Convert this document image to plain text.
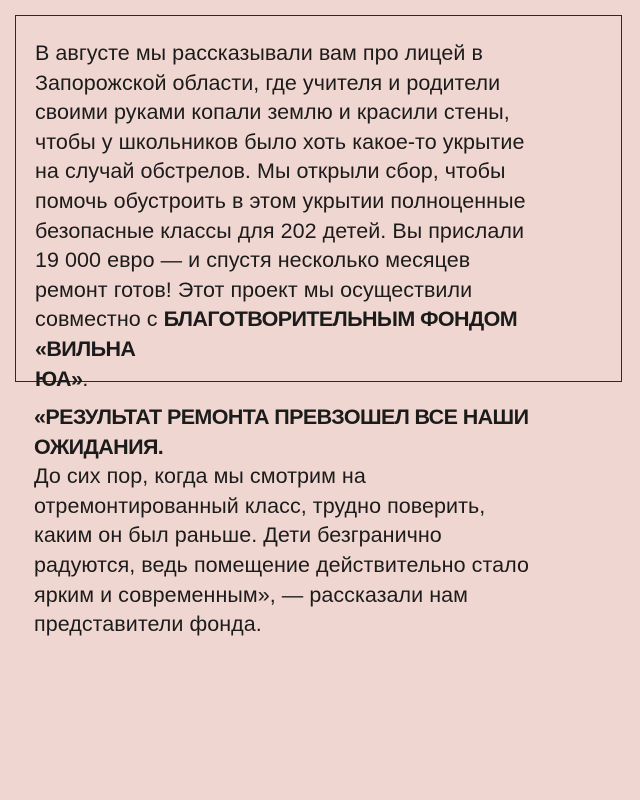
В августе мы рассказывали вам про лицей в
Запорожской области, где учителя и родители
своими руками копали землю и красили стены,
чтобы у школьников было хоть какое-то укрытие
на случай обстрелов. Мы открыли сбор, чтобы
помочь обустроить в этом укрытии полноценные
безопасные классы для 202 детей. Вы прислали
19 000 евро — и спустя несколько месяцев
ремонт готов! Этот проект мы осуществили
совместно с БЛАГОТВОРИТЕЛЬНЫМ ФОНДОМ «ВИЛЬНА
ЮА».

«РЕЗУЛЬТАТ РЕМОНТА ПРЕВЗОШЕЛ ВСЕ НАШИ ОЖИДАНИЯ.
До сих пор, когда мы смотрим на
отремонтированный класс, трудно поверить,
каким он был раньше. Дети безгранично
радуются, ведь помещение действительно стало
ярким и современным», — рассказали нам
представители фонда.
